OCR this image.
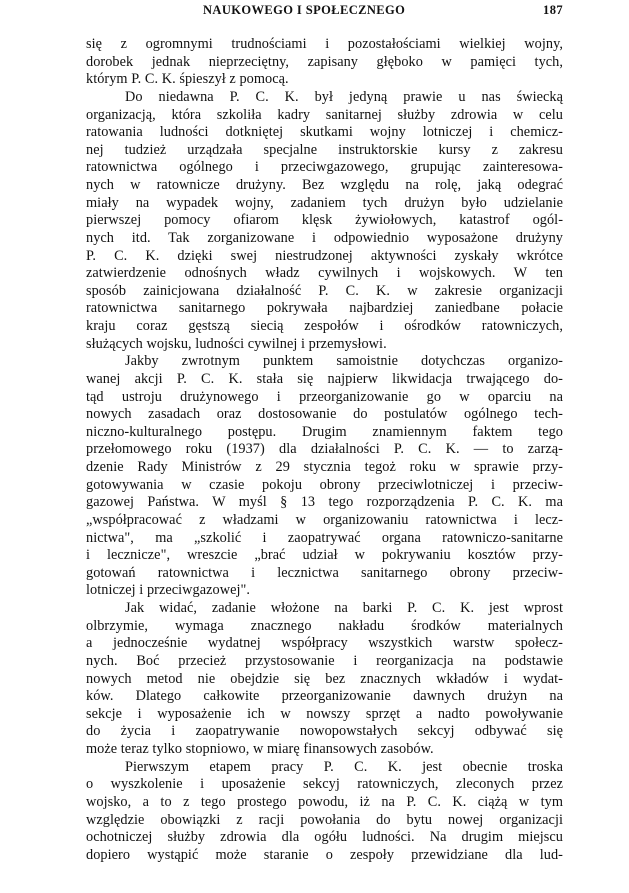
NAUKOWEGO I SPOŁECZNEGO	187

się z ogromnymi trudnościami i pozostałościami wielkiej wojny,

dorobek jednak nieprzeciętny, zapisany głęboko w pamięci tych,

którym P. C. K. śpieszył z pomocą.

Do niedawna P. C. K. był jedyną prawie u nas świecką

organizacją, która szkoliła kadry sanitarnej służby zdrowia w celu

ratowania ludności dotkniętej skutkami wojny lotniczej i chemicz-

nej tudzież urządzała specjalne instruktorskie kursy z zakresu

ratownictwa ogólnego i przeciwgazowego, grupując zainteresowa-

nych w ratownicze drużyny. Bez względu na rolę, jaką odegrać

miały na wypadek wojny, zadaniem tych drużyn było udzielanie

pierwszej pomocy ofiarom klęsk żywiołowych, katastrof ogól-

nych itd. Tak zorganizowane i odpowiednio wyposażone drużyny

P. C. K. dzięki swej niestrudzonej aktywności zyskały wkrótce

zatwierdzenie odnośnych władz cywilnych i wojskowych. W ten

sposób zainicjowana działalność P. C. K. w zakresie organizacji

ratownictwa sanitarnego pokrywała najbardziej zaniedbane połacie

kraju coraz gęstszą siecią zespołów i ośrodków ratowniczych,

służących wojsku, ludności cywilnej i przemysłowi.

Jakby zwrotnym punktem samoistnie dotychczas organizo-

wanej akcji P. C. K. stała się najpierw likwidacja trwającego do-

tąd ustroju drużynowego i przeorganizowanie go w oparciu na

nowych zasadach oraz dostosowanie do postulatów ogólnego tech-

niczno-kulturalnego postępu. Drugim znamiennym faktem tego

przełomowego roku (1937) dla działalności P. C. K. — to zarzą-

dzenie Rady Ministrów z 29 stycznia tegoż roku w sprawie przy-

gotowywania w czasie pokoju obrony przeciwlotniczej i przeciw-

gazowej Państwa. W myśl § 13 tego rozporządzenia P. C. K. ma

„współpracować z władzami w organizowaniu ratownictwa i lecz-

nictwa", ma „szkolić i zaopatrywać organa ratowniczo-sanitarne

i lecznicze", wreszcie „brać udział w pokrywaniu kosztów przy-

gotowań ratownictwa i lecznictwa sanitarnego obrony przeciw-

lotniczej i przeciwgazowej".

Jak widać, zadanie włożone na barki P. C. K. jest wprost

olbrzymie, wymaga znacznego nakładu środków materialnych

a jednocześnie wydatnej współpracy wszystkich warstw społecz-

nych. Boć przecież przystosowanie i reorganizacja na podstawie

nowych metod nie obejdzie się bez znacznych wkładów i wydat-

ków. Dlatego całkowite przeorganizowanie dawnych drużyn na

sekcje i wyposażenie ich w nowszy sprzęt a nadto powoływanie

do życia i zaopatrywanie nowopowstałych sekcyj odbywać się

może teraz tylko stopniowo, w miarę finansowych zasobów.

Pierwszym etapem pracy P. C. K. jest obecnie troska

o wyszkolenie i uposażenie sekcyj ratowniczych, zleconych przez

wojsko, a to z tego prostego powodu, iż na P. C. K. ciążą w tym

względzie obowiązki z racji powołania do bytu nowej organizacji

ochotniczej służby zdrowia dla ogółu ludności. Na drugim miejscu

dopiero wystąpić może staranie o zespoły przewidziane dla lud-
